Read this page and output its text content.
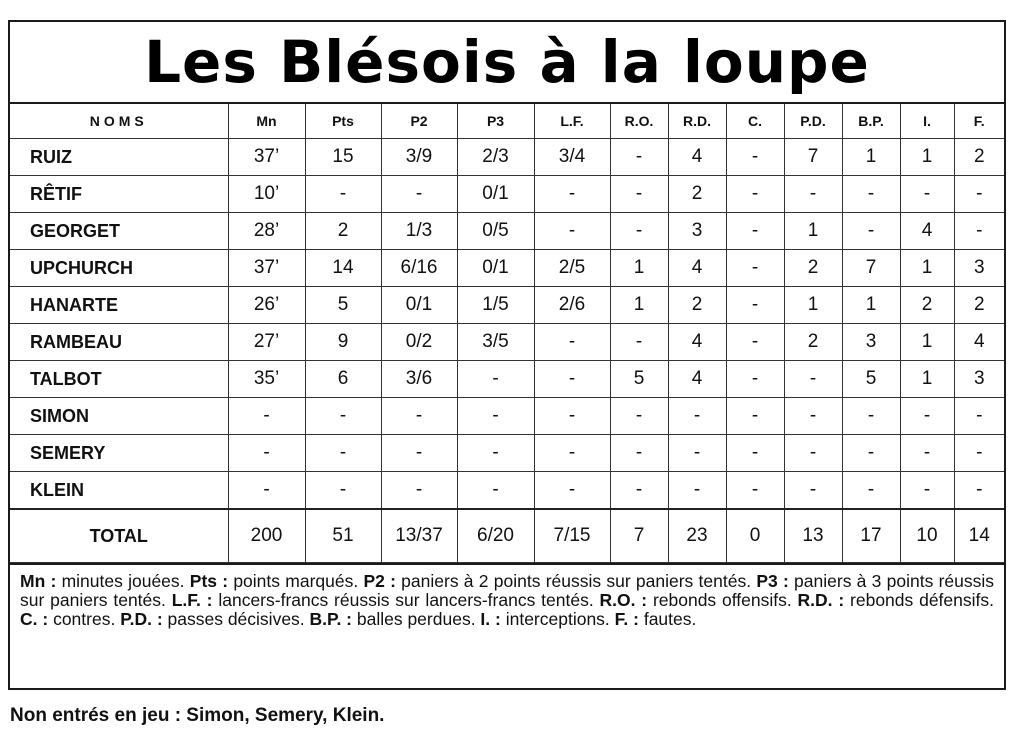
Les Blésois à la loupe
NOMS	Mn	Pts	P2	P3	L.F.	R.O.	R.D.	C.	P.D.	B.P.	I.	F.
RUIZ	37’	15	3/9	2/3	3/4	-	4	-	7	1	1	2
RÊTIF	10’	-	-	0/1	-	-	2	-	-	-	-	-
GEORGET	28’	2	1/3	0/5	-	-	3	-	1	-	4	-
UPCHURCH	37’	14	6/16	0/1	2/5	1	4	-	2	7	1	3
HANARTE	26’	5	0/1	1/5	2/6	1	2	-	1	1	2	2
RAMBEAU	27’	9	0/2	3/5	-	-	4	-	2	3	1	4
TALBOT	35’	6	3/6	-	-	5	4	-	-	5	1	3
SIMON	-	-	-	-	-	-	-	-	-	-	-	-
SEMERY	-	-	-	-	-	-	-	-	-	-	-	-
KLEIN	-	-	-	-	-	-	-	-	-	-	-	-
TOTAL	200	51	13/37	6/20	7/15	7	23	0	13	17	10	14
Mn : minutes jouées. Pts : points marqués. P2 : paniers à 2 points réussis sur paniers tentés. P3 : paniers à 3 points réussis sur paniers tentés. L.F. : lancers-francs réussis sur lancers-francs tentés. R.O. : rebonds offensifs. R.D. : rebonds défensifs. C. : contres. P.D. : passes décisives. B.P. : balles perdues. I. : interceptions. F. : fautes.
Non entrés en jeu : Simon, Semery, Klein.
